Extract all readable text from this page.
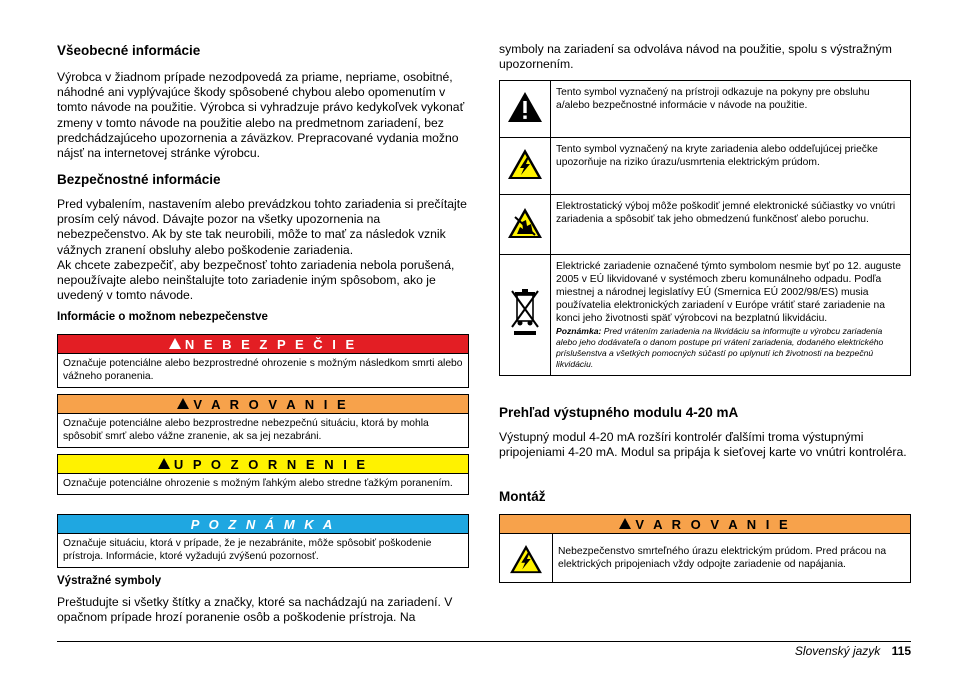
Všeobecné informácie

Výrobca v žiadnom prípade nezodpovedá za priame, nepriame, osobitné, náhodné ani vyplývajúce škody spôsobené chybou alebo opomenutím v tomto návode na použitie. Výrobca si vyhradzuje právo kedykoľvek vykonať zmeny v tomto návode na použitie alebo na predmetnom zariadení, bez predchádzajúceho upozornenia a záväzkov. Prepracované vydania možno nájsť na internetovej stránke výrobcu.

Bezpečnostné informácie

Pred vybalením, nastavením alebo prevádzkou tohto zariadenia si prečítajte prosím celý návod. Dávajte pozor na všetky upozornenia na nebezpečenstvo. Ak by ste tak neurobili, môže to mať za následok vznik vážnych zranení obsluhy alebo poškodenie zariadenia.

Ak chcete zabezpečiť, aby bezpečnosť tohto zariadenia nebola porušená, nepoužívajte alebo neinštalujte toto zariadenie iným spôsobom, ako je uvedený v tomto návode.

Informácie o možnom nebezpečenstve
N E B E Z P E Č I E
Označuje potenciálne alebo bezprostredné ohrozenie s možným následkom smrti alebo vážneho poranenia.
V A R O V A N I E
Označuje potenciálne alebo bezprostredne nebezpečnú situáciu, ktorá by mohla spôsobiť smrť alebo vážne zranenie, ak sa jej nezabráni.
U P O Z O R N E N I E
Označuje potenciálne ohrozenie s možným ľahkým alebo stredne ťažkým poranením.
P O Z N Á M K A
Označuje situáciu, ktorá v prípade, že je nezabránite, môže spôsobiť poškodenie prístroja. Informácie, ktoré vyžadujú zvýšenú pozornosť.
Výstražné symboly

Preštudujte si všetky štítky a značky, ktoré sa nachádzajú na zariadení. V opačnom prípade hrozí poranenie osôb a poškodenie prístroja. Na

symboly na zariadení sa odvoláva návod na použitie, spolu s výstražným upozornením.

	Tento symbol vyznačený na prístroji odkazuje na pokyny pre obsluhu a/alebo bezpečnostné informácie v návode na použitie.
	Tento symbol vyznačený na kryte zariadenia alebo oddeľujúcej priečke upozorňuje na riziko úrazu/usmrtenia elektrickým prúdom.
	Elektrostatický výboj môže poškodiť jemné elektronické súčiastky vo vnútri zariadenia a spôsobiť tak jeho obmedzenú funkčnosť alebo poruchu.

Elektrické zariadenie označené týmto symbolom nesmie byť po 12. auguste 2005 v EÚ likvidované v systémoch zberu komunálneho odpadu. Podľa miestnej a národnej legislatívy EÚ (Smernica EÚ 2002/98/ES) musia používatelia elektronických zariadení v Európe vrátiť staré zariadenie na konci jeho životnosti späť výrobcovi na bezplatnú likvidáciu.
Poznámka: Pred vrátením zariadenia na likvidáciu sa informujte u výrobcu zariadenia alebo jeho dodávateľa o danom postupe pri vrátení zariadenia, dodaného elektrického príslušenstva a všetkých pomocných súčastí po uplynutí ich životnosti na bezpečnú likvidáciu.
Prehľad výstupného modulu 4-20 mA

Výstupný modul 4-20 mA rozšíri kontrolér ďalšími troma výstupnými pripojeniami 4-20 mA. Modul sa pripája k sieťovej karte vo vnútri kontroléra.

Montáž
V A R O V A N I E
Nebezpečenstvo smrteľného úrazu elektrickým prúdom. Pred prácou na elektrických pripojeniach vždy odpojte zariadenie od napájania.
Slovenský jazyk 115
